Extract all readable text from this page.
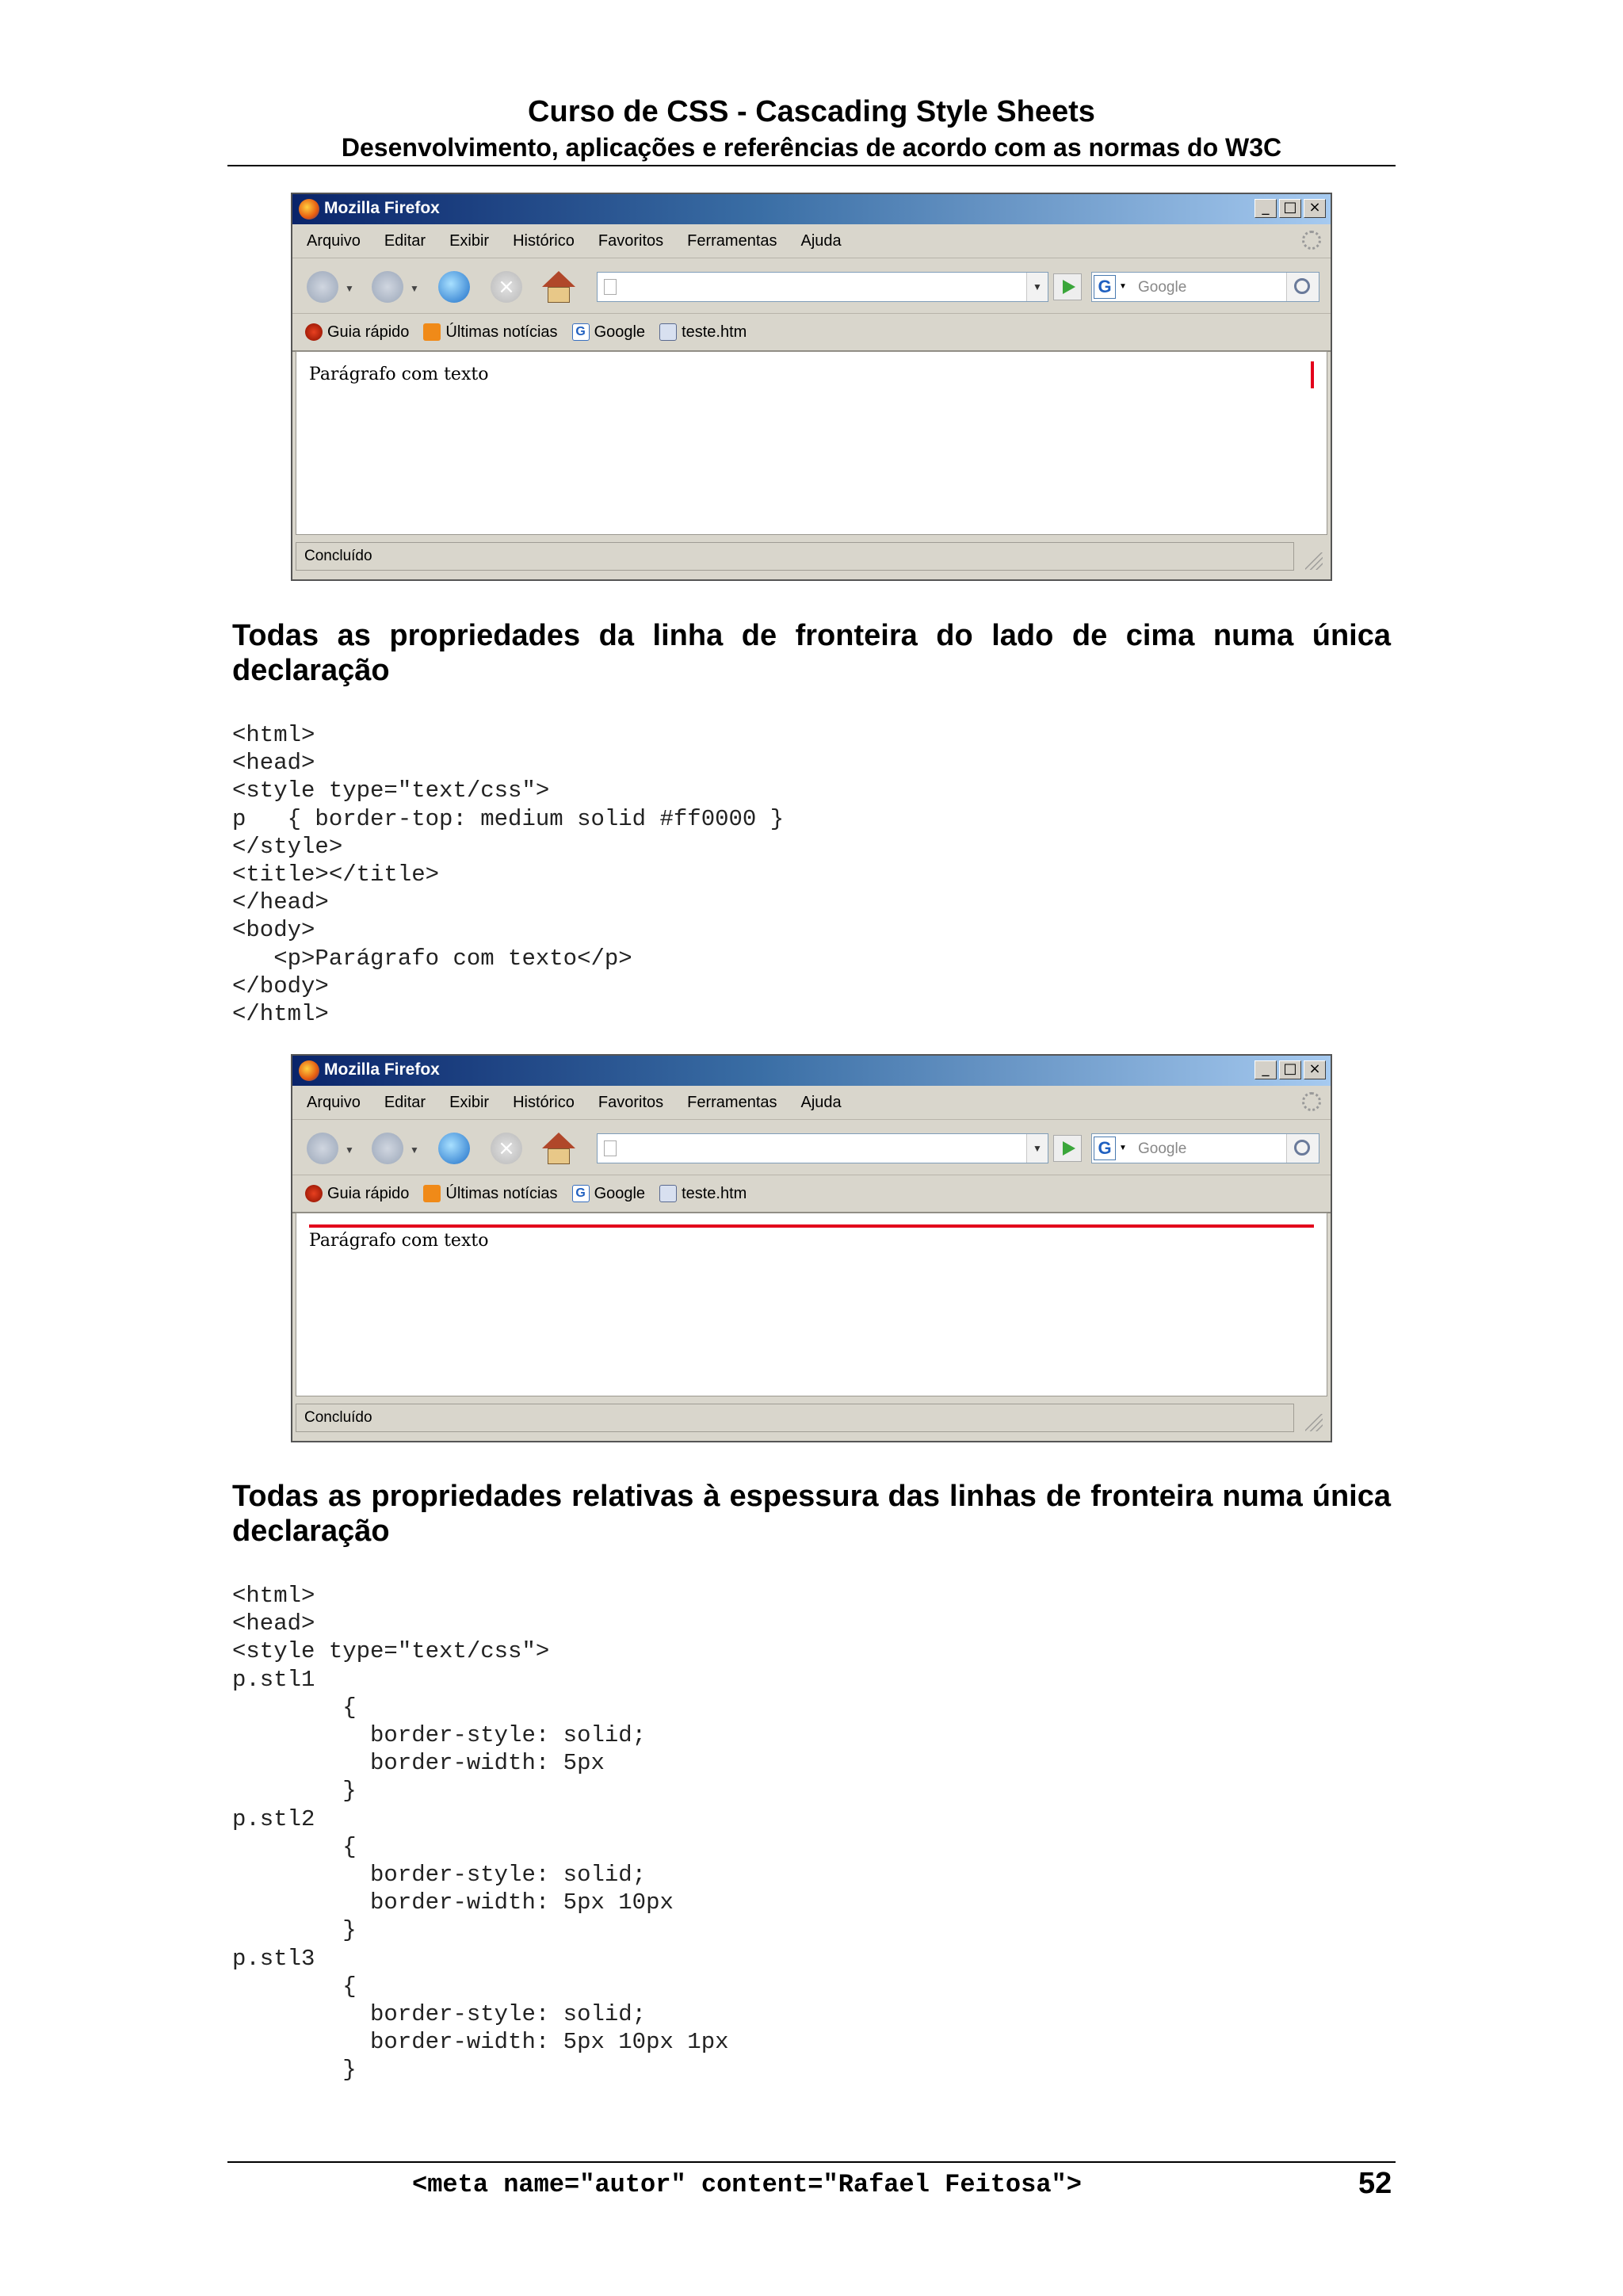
Curso de CSS - Cascading Style Sheets
Desenvolvimento, aplicações e referências de acordo com as normas do W3C
Mozilla Firefox	_ □ ×
Arquivo Editar Exibir Histórico Favoritos Ferramentas Ajuda
▼	▼	×	▼	G ▼ Google
Guia rápido Últimas notícias G Google teste.htm
Parágrafo com texto
Concluído
Todas as propriedades da linha de fronteira do lado de cima numa única declaração
<html>
<head>
<style type="text/css">
p   { border-top: medium solid #ff0000 }
</style>
<title></title>
</head>
<body>
<p>Parágrafo com texto</p>
</body>
</html>
Mozilla Firefox	_ □ ×
Arquivo Editar Exibir Histórico Favoritos Ferramentas Ajuda
▼	▼	×	▼	G ▼ Google
Guia rápido Últimas notícias G Google teste.htm
Parágrafo com texto
Concluído
Todas as propriedades relativas à espessura das linhas de fronteira numa única declaração
<html>
<head>
<style type="text/css">
p.stl1
{
border-style: solid;
border-width: 5px
}
p.stl2
{
border-style: solid;
border-width: 5px 10px
}
p.stl3
{
border-style: solid;
border-width: 5px 10px 1px
}
<meta name="autor" content="Rafael Feitosa">	52
